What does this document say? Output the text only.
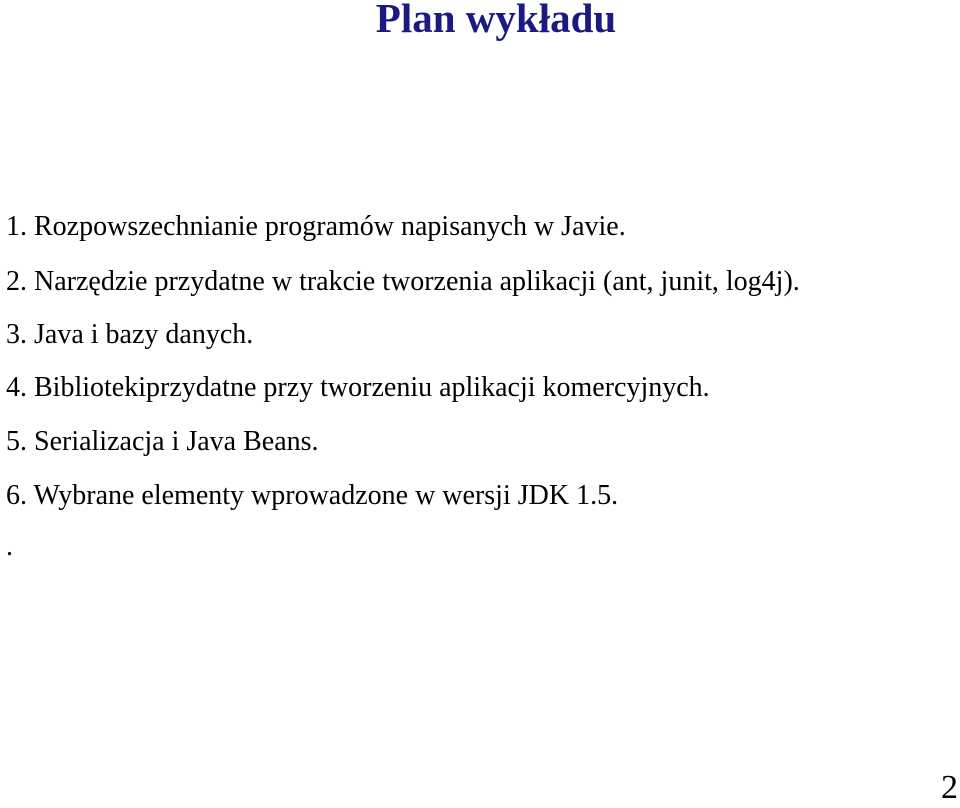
Plan wykładu

1. Rozpowszechnianie programów napisanych w Javie.

2. Narzędzie przydatne w trakcie tworzenia aplikacji (ant, junit, log4j).

3. Java i bazy danych.

4. Bibliotekiprzydatne przy tworzeniu aplikacji komercyjnych.

5. Serializacja i Java Beans.

6. Wybrane elementy wprowadzone w wersji JDK 1.5.

.
2
